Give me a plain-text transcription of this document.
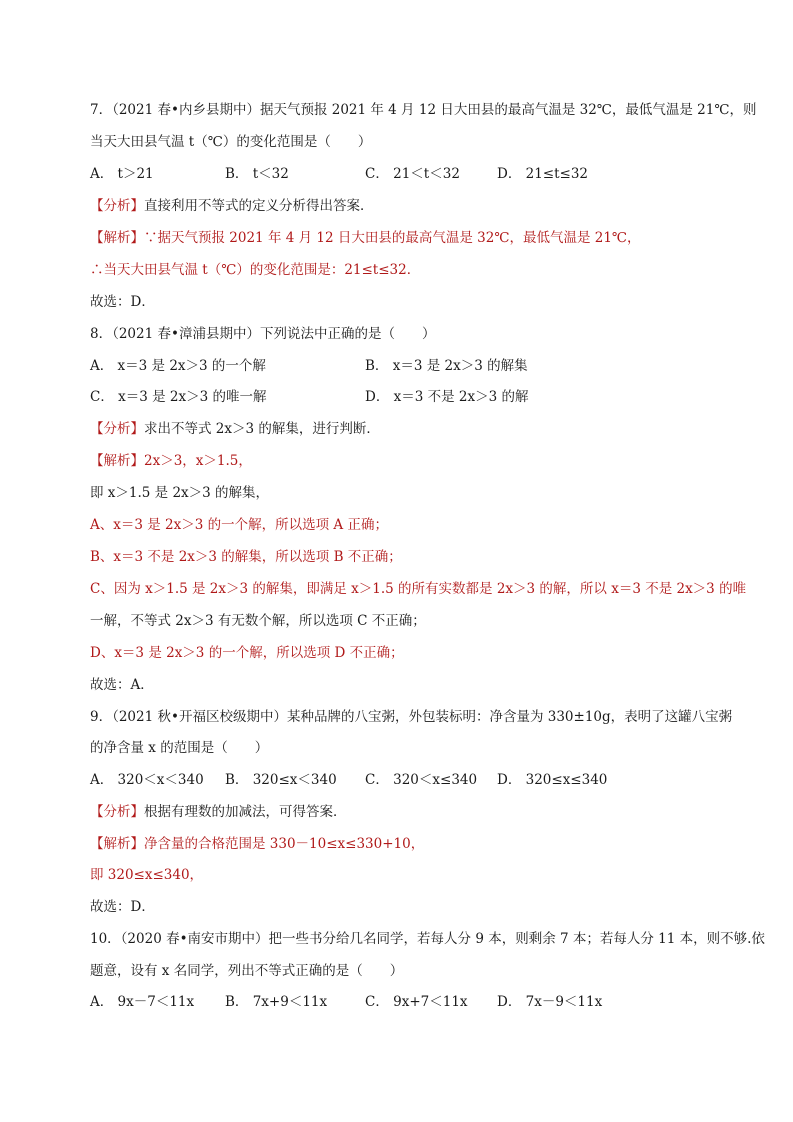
7．（2021 春•内乡县期中）据天气预报 2021 年 4 月 12 日大田县的最高气温是 32℃，最低气温是 21℃，则
当天大田县气温 t（℃）的变化范围是（　　）
A． t＞21	B． t＜32	C． 21＜t＜32	D． 21≤t≤32
【分析】直接利用不等式的定义分析得出答案．
【解析】∵据天气预报 2021 年 4 月 12 日大田县的最高气温是 32℃，最低气温是 21℃，
∴当天大田县气温 t（℃）的变化范围是：21≤t≤32．
故选：D．
8．（2021 春•漳浦县期中）下列说法中正确的是（　　）
A． x＝3 是 2x＞3 的一个解	B． x＝3 是 2x＞3 的解集
C． x＝3 是 2x＞3 的唯一解	D． x＝3 不是 2x＞3 的解
【分析】求出不等式 2x＞3 的解集，进行判断．
【解析】2x＞3，x＞1.5，
即 x＞1.5 是 2x＞3 的解集，
A、x＝3 是 2x＞3 的一个解，所以选项 A 正确；
B、x＝3 不是 2x＞3 的解集，所以选项 B 不正确；
C、因为 x＞1.5 是 2x＞3 的解集，即满足 x＞1.5 的所有实数都是 2x＞3 的解，所以 x＝3 不是 2x＞3 的唯
一解，不等式 2x＞3 有无数个解，所以选项 C 不正确；
D、x＝3 是 2x＞3 的一个解，所以选项 D 不正确；
故选：A．
9．（2021 秋•开福区校级期中）某种品牌的八宝粥，外包装标明：净含量为 330±10g，表明了这罐八宝粥
的净含量 x 的范围是（　　）
A． 320＜x＜340 B． 320≤x＜340 C． 320＜x≤340 D． 320≤x≤340
【分析】根据有理数的加减法，可得答案．
【解析】净含量的合格范围是 330－10≤x≤330+10，
即 320≤x≤340，
故选：D．
10．（2020 春•南安市期中）把一些书分给几名同学，若每人分 9 本，则剩余 7 本；若每人分 11 本，则不够.依
题意，设有 x 名同学，列出不等式正确的是（　　）
A． 9x－7＜11x B． 7x+9＜11x	C． 9x+7＜11x D． 7x－9＜11x
